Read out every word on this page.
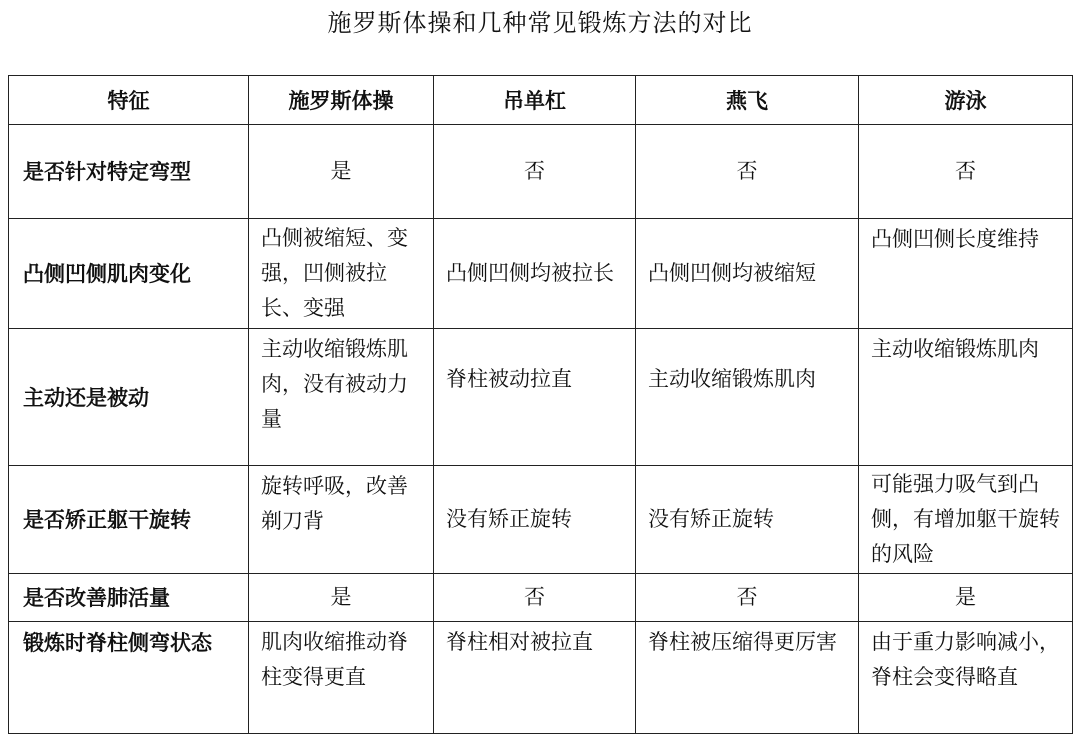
施罗斯体操和几种常见锻炼方法的对比
特征	施罗斯体操	吊单杠	燕飞	游泳
是否针对特定弯型	是	否	否	否
凸侧凹侧肌肉变化	凸侧被缩短、变强，凹侧被拉长、变强	凸侧凹侧均被拉长	凸侧凹侧均被缩短	凸侧凹侧长度维持
主动还是被动	主动收缩锻炼肌肉，没有被动力量	脊柱被动拉直	主动收缩锻炼肌肉	主动收缩锻炼肌肉
是否矫正躯干旋转	旋转呼吸，改善剃刀背	没有矫正旋转	没有矫正旋转	可能强力吸气到凸侧，有增加躯干旋转的风险
是否改善肺活量	是	否	否	是
锻炼时脊柱侧弯状态	肌肉收缩推动脊柱变得更直	脊柱相对被拉直	脊柱被压缩得更厉害	由于重力影响减小，脊柱会变得略直
